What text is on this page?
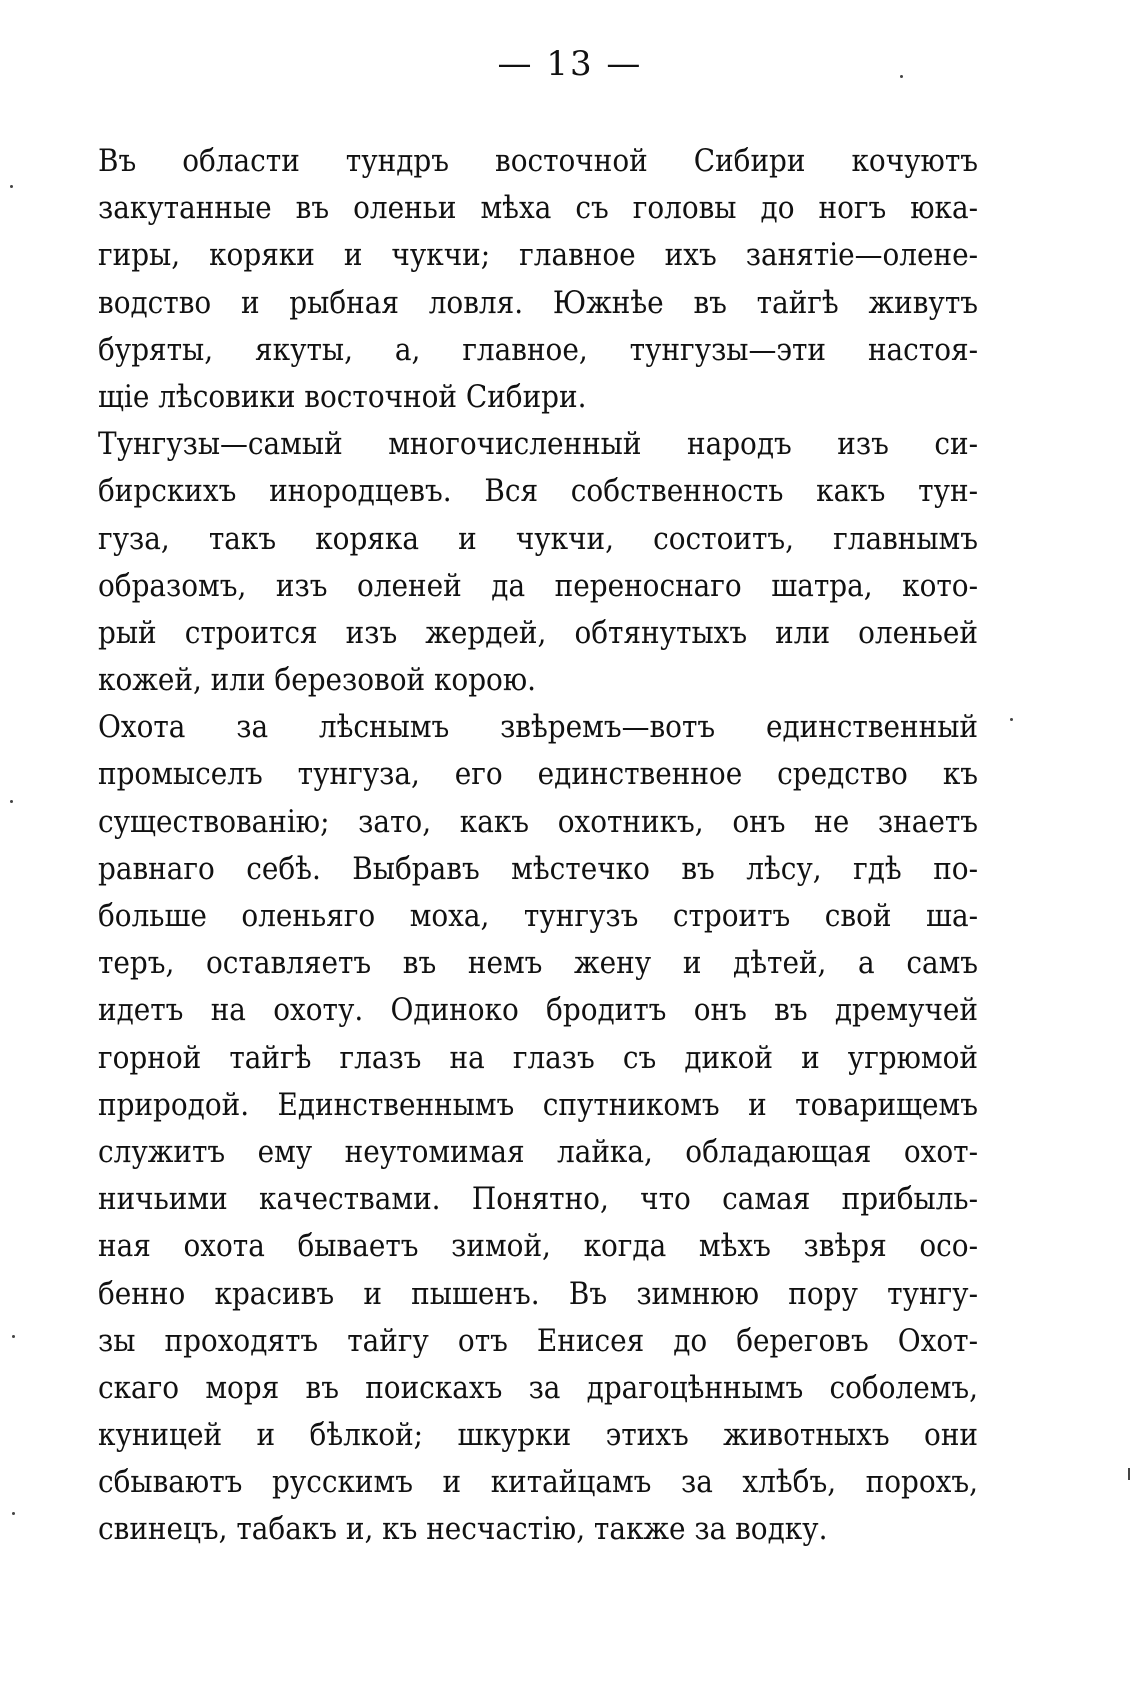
— 13 —
Въ области тундръ восточной Сибири кочуютъ
закутанные въ оленьи мѣха съ головы до ногъ юка-
гиры, коряки и чукчи; главное ихъ занятіе—олене-
водство и рыбная ловля. Южнѣе въ тайгѣ живутъ
буряты, якуты, а, главное, тунгузы—эти настоя-
щіе лѣсовики восточной Сибири.
Тунгузы—самый многочисленный народъ изъ си-
бирскихъ инородцевъ. Вся собственность какъ тун-
гуза, такъ коряка и чукчи, состоитъ, главнымъ
образомъ, изъ оленей да переноснаго шатра, кото-
рый строится изъ жердей, обтянутыхъ или оленьей
кожей, или березовой корою.
Охота за лѣснымъ звѣремъ—вотъ единственный
промыселъ тунгуза, его единственное средство къ
существованію; зато, какъ охотникъ, онъ не знаетъ
равнаго себѣ. Выбравъ мѣстечко въ лѣсу, гдѣ по-
больше оленьяго моха, тунгузъ строитъ свой ша-
теръ, оставляетъ въ немъ жену и дѣтей, а самъ
идетъ на охоту. Одиноко бродитъ онъ въ дремучей
горной тайгѣ глазъ на глазъ съ дикой и угрюмой
природой. Единственнымъ спутникомъ и товарищемъ
служитъ ему неутомимая лайка, обладающая охот-
ничьими качествами. Понятно, что самая прибыль-
ная охота бываетъ зимой, когда мѣхъ звѣря осо-
бенно красивъ и пышенъ. Въ зимнюю пору тунгу-
зы проходятъ тайгу отъ Енисея до береговъ Охот-
скаго моря въ поискахъ за драгоцѣннымъ соболемъ,
куницей и бѣлкой; шкурки этихъ животныхъ они
сбываютъ русскимъ и китайцамъ за хлѣбъ, порохъ,
свинецъ, табакъ и, къ несчастію, также за водку.
